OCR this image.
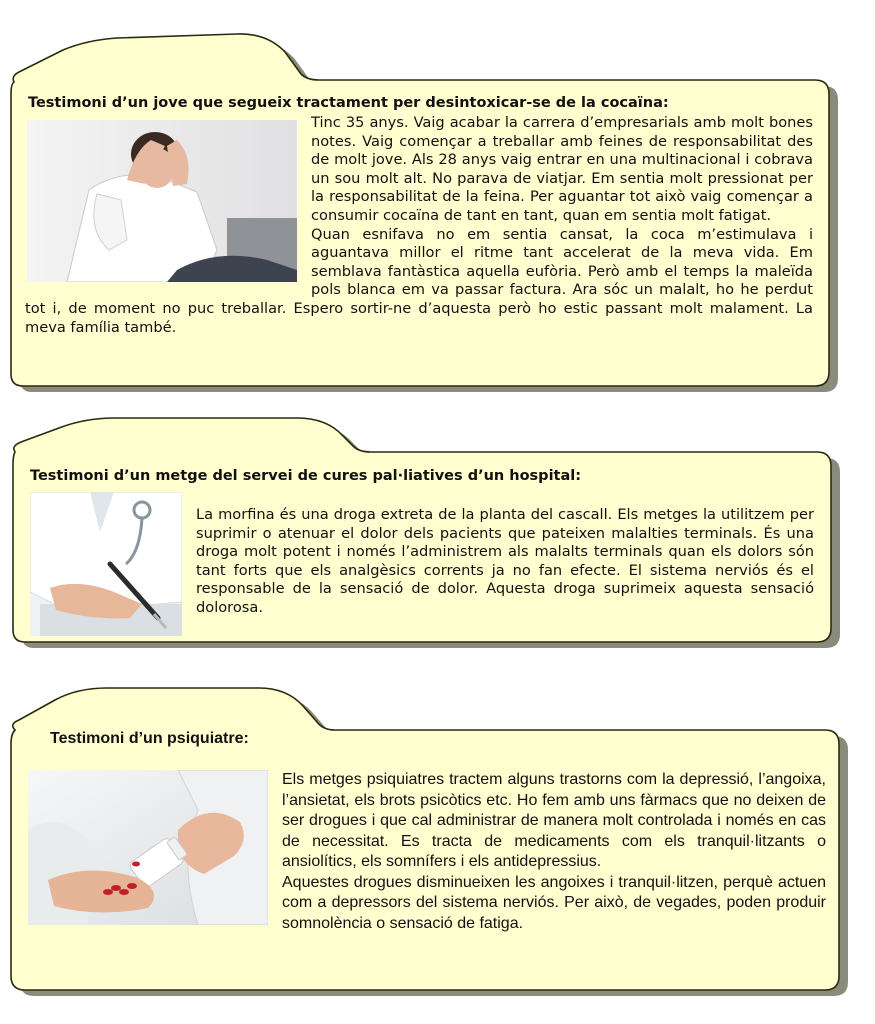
Testimoni d’un jove que segueix tractament per desintoxicar-se de la cocaïna:

Tinc 35 anys. Vaig acabar la carrera d’empresarials amb molt bones notes. Vaig començar a treballar amb feines de responsabilitat des de molt jove. Als 28 anys vaig entrar en una multinacional i cobrava un sou molt alt. No parava de viatjar. Em sentia molt pressionat per la responsabilitat de la feina. Per aguantar tot això vaig començar a consumir cocaïna de tant en tant, quan em sentia molt fatigat.

Quan esnifava no em sentia cansat, la coca m’estimulava i aguantava millor el ritme tant accelerat de la meva vida. Em semblava fantàstica aquella eufòria. Però amb el temps la maleïda pols blanca em va passar factura. Ara sóc un malalt, ho he perdut tot i, de moment no puc treballar. Espero sortir-ne d’aquesta però ho estic passant molt malament. La meva família també.

Testimoni d’un metge del servei de cures pal·liatives d’un hospital:

La morfina és una droga extreta de la planta del cascall. Els metges la utilitzem per suprimir o atenuar el dolor dels pacients que pateixen malalties terminals. És una droga molt potent i només l’administrem als malalts terminals quan els dolors són tant forts que els analgèsics corrents ja no fan efecte. El sistema nerviós és el responsable de la sensació de dolor. Aquesta droga suprimeix aquesta sensació dolorosa.

Testimoni d’un psiquiatre:

Els metges psiquiatres tractem alguns trastorns com la depressió, l’angoixa, l’ansietat, els brots psicòtics etc. Ho fem amb uns fàrmacs que no deixen de ser drogues i que cal administrar de manera molt controlada i només en cas de necessitat. Es tracta de medicaments com els tranquil·litzants o ansiolítics, els somnífers i els antidepressius.

Aquestes drogues disminueixen les angoixes i tranquil·litzen, perquè actuen com a depressors del sistema nerviós. Per això, de vegades, poden produir somnolència o sensació de fatiga.
